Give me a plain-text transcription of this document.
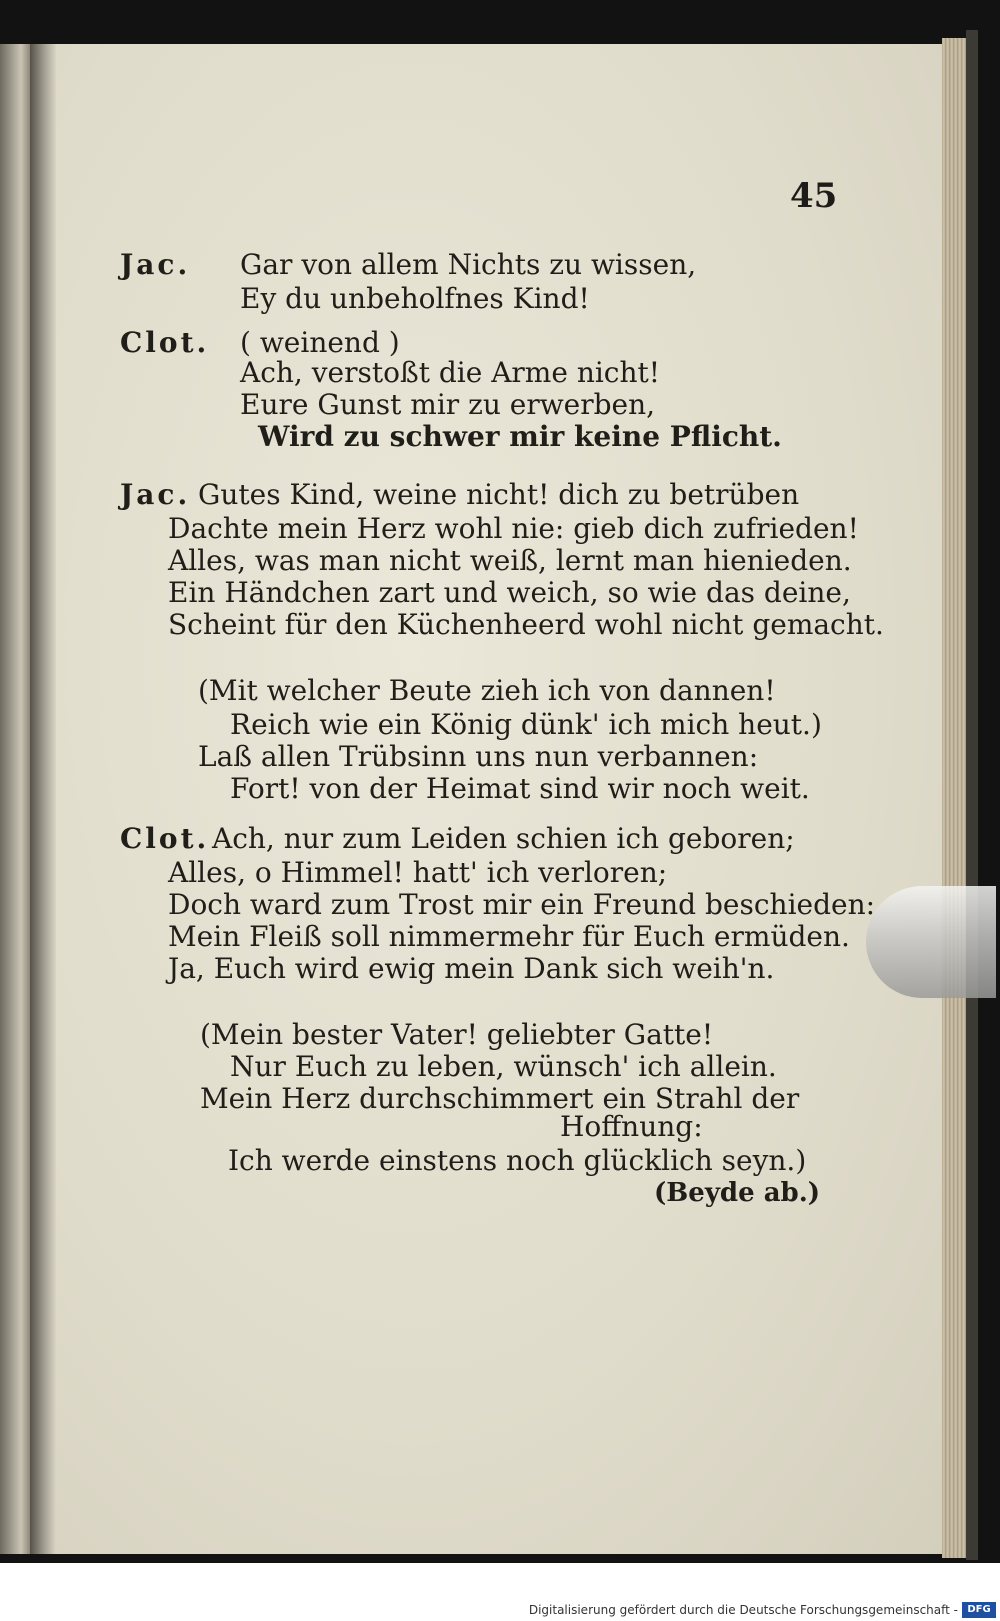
45
Jac.
Clot.
Jac.
Clot.
Gar von allem Nichts zu wissen,
Ey du unbeholfnes Kind!
( weinend )
Ach, verstoßt die Arme nicht!
Eure Gunst mir zu erwerben,
Wird zu schwer mir keine Pflicht.
Gutes Kind, weine nicht! dich zu betrüben
Dachte mein Herz wohl nie: gieb dich zufrieden!
Alles, was man nicht weiß, lernt man hienieden.
Ein Händchen zart und weich, so wie das deine,
Scheint für den Küchenheerd wohl nicht gemacht.
(Mit welcher Beute zieh ich von dannen!
Reich wie ein König dünk' ich mich heut.)
Laß allen Trübsinn uns nun verbannen:
Fort! von der Heimat sind wir noch weit.
Ach, nur zum Leiden schien ich geboren;
Alles, o Himmel! hatt' ich verloren;
Doch ward zum Trost mir ein Freund beschieden:
Mein Fleiß soll nimmermehr für Euch ermüden.
Ja, Euch wird ewig mein Dank sich weih'n.
(Mein bester Vater! geliebter Gatte!
Nur Euch zu leben, wünsch' ich allein.
Mein Herz durchschimmert ein Strahl der
Hoffnung:
Ich werde einstens noch glücklich seyn.)
(Beyde ab.)
Digitalisierung gefördert durch die Deutsche Forschungsgemeinschaft - DFG
